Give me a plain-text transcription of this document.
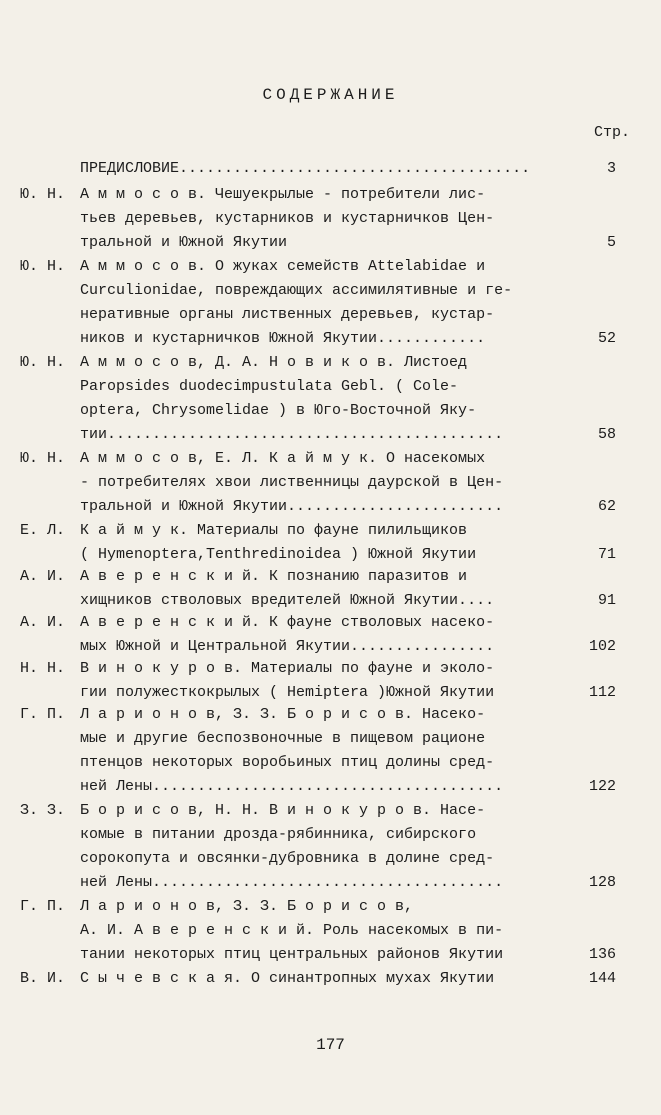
СОДЕРЖАНИЕ
Стр.
ПРЕДИСЛОВИЕ.......................................	3
Ю. Н. А м м о с о в. Чешуекрылые - потребители лис-
тьев деревьев, кустарников и кустарничков Цен-
тральной и Южной Якутии	5
Ю. Н. А м м о с о в. О жуках семейств Attelabidae и
Curculionidae, повреждающих ассимилятивные и ге-
неративные органы лиственных деревьев, кустар-
ников и кустарничков Южной Якутии............	52
Ю. Н. А м м о с о в, Д. А. Н о в и к о в. Листоед
Paropsides duodecimpustulata Gebl. ( Cole-
optera, Chrysomelidae ) в Юго-Восточной Яку-
тии............................................	58
Ю. Н. А м м о с о в, Е. Л. К а й м у к. О насекомых
- потребителях хвои лиственницы даурской в Цен-
тральной и Южной Якутии........................	62
Е. Л. К а й м у к. Материалы по фауне пилильщиков
( Hymenoptera,Tenthredinoidea ) Южной Якутии	71
А. И. А в е р е н с к и й. К познанию паразитов и
хищников стволовых вредителей Южной Якутии....	91
А. И. А в е р е н с к и й. К фауне стволовых насеко-
мых Южной и Центральной Якутии................	102
Н. Н. В и н о к у р о в. Материалы по фауне и эколо-
гии полужесткокрылых ( Hemiptera )Южной Якутии	112
Г. П. Л а р и о н о в, З. З. Б о р и с о в. Насеко-
мые и другие беспозвоночные в пищевом рационе
птенцов некоторых воробьиных птиц долины сред-
ней Лены.......................................	122
З. З. Б о р и с о в, Н. Н. В и н о к у р о в. Насе-
комые в питании дрозда-рябинника, сибирского
сорокопута и овсянки-дубровника в долине сред-
ней Лены.......................................	128
Г. П. Л а р и о н о в, З. З. Б о р и с о в,
А. И. А в е р е н с к и й. Роль насекомых в пи-
тании некоторых птиц центральных районов Якутии	136
В. И. С ы ч е в с к а я. О синантропных мухах Якутии	144
177
